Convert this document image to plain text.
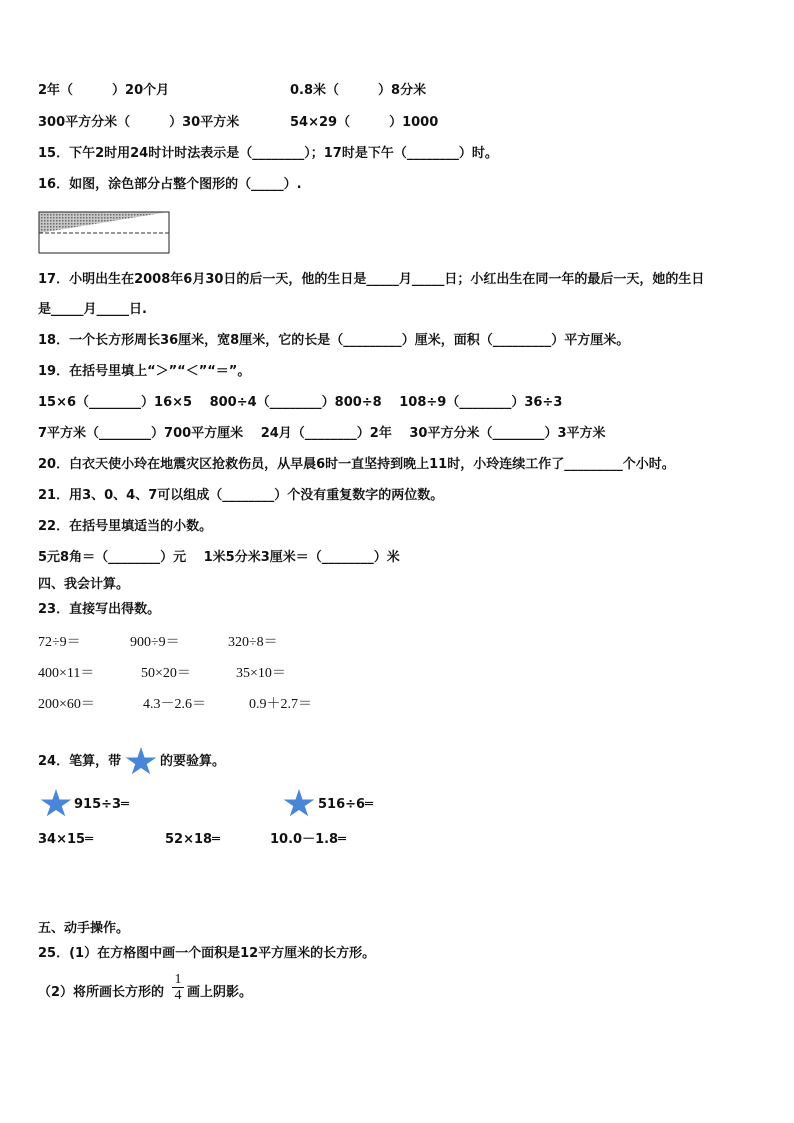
2年（　　　）20个月	0.8米（　　　）8分米
300平方分米（　　　）30平方米	54×29（　　　）1000
15．下午2时用24时计时法表示是（________）；17时是下午（________）时。
16．如图，涂色部分占整个图形的（_____）.
17．小明出生在2008年6月30日的后一天，他的生日是_____月_____日；小红出生在同一年的最后一天，她的生日
是_____月_____日.
18．一个长方形周长36厘米，宽8厘米，它的长是（_________）厘米，面积（_________）平方厘米。
19．在括号里填上“＞”“＜”“＝”。
15×6（________）16×5　 800÷4（________）800÷8　 108÷9（________）36÷3
7平方米（________）700平方厘米　 24月（________）2年　 30平方分米（________）3平方米
20．白衣天使小玲在地震灾区抢救伤员，从早晨6时一直坚持到晚上11时，小玲连续工作了_________个小时。
21．用3、0、4、7可以组成（________）个没有重复数字的两位数。
22．在括号里填适当的小数。
5元8角＝（________）元　 1米5分米3厘米＝（________）米
四、我会计算。
23．直接写出得数。
72÷9＝	900÷9＝	320÷8＝
400×11＝	50×20＝	35×10＝
200×60＝	4.3－2.6＝	0.9＋2.7＝
24．笔算，带	的要验算。
915÷3═	516÷6═
34×15═	52×18═	10.0－1.8═
五、动手操作。
25．(1）在方格图中画一个面积是12平方厘米的长方形。
（2）将所画长方形的 $\frac{1}{4}$ 画上阴影。
